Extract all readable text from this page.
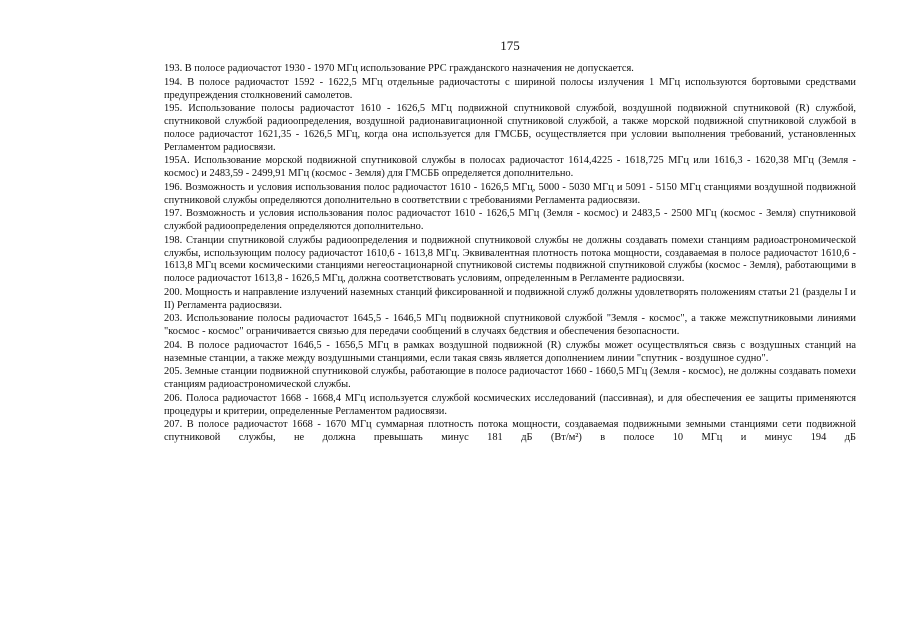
175

193. В полосе радиочастот 1930 - 1970 МГц использование РРС гражданского назначения не допускается.

194. В полосе радиочастот 1592 - 1622,5 МГц отдельные радиочастоты с шириной полосы излучения 1 МГц используются бортовыми средствами предупреждения столкновений самолетов.

195. Использование полосы радиочастот 1610 - 1626,5 МГц подвижной спутниковой службой, воздушной подвижной спутниковой (R) службой, спутниковой службой радиоопределения, воздушной радионавигационной спутниковой службой, а также морской подвижной спутниковой службой в полосе радиочастот 1621,35 - 1626,5 МГц, когда она используется для ГМСББ, осуществляется при условии выполнения требований, установленных Регламентом радиосвязи.

195А. Использование морской подвижной спутниковой службы в полосах радиочастот 1614,4225 - 1618,725 МГц или 1616,3 - 1620,38 МГц (Земля - космос) и 2483,59 - 2499,91 МГц (космос - Земля) для ГМСББ определяется дополнительно.

196. Возможность и условия использования полос радиочастот 1610 - 1626,5 МГц, 5000 - 5030 МГц и 5091 - 5150 МГц станциями воздушной подвижной спутниковой службы определяются дополнительно в соответствии с требованиями Регламента радиосвязи.

197. Возможность и условия использования полос радиочастот 1610 - 1626,5 МГц (Земля - космос) и 2483,5 - 2500 МГц (космос - Земля) спутниковой службой радиоопределения определяются дополнительно.

198. Станции спутниковой службы радиоопределения и подвижной спутниковой службы не должны создавать помехи станциям радиоастрономической службы, использующим полосу радиочастот 1610,6 - 1613,8 МГц. Эквивалентная плотность потока мощности, создаваемая в полосе радиочастот 1610,6 - 1613,8 МГц всеми космическими станциями негеостационарной спутниковой системы подвижной спутниковой службы (космос - Земля), работающими в полосе радиочастот 1613,8 - 1626,5 МГц, должна соответствовать условиям, определенным в Регламенте радиосвязи.

200. Мощность и направление излучений наземных станций фиксированной и подвижной служб должны удовлетворять положениям статьи 21 (разделы I и II) Регламента радиосвязи.

203. Использование полосы радиочастот 1645,5 - 1646,5 МГц подвижной спутниковой службой "Земля - космос", а также межспутниковыми линиями "космос - космос" ограничивается связью для передачи сообщений в случаях бедствия и обеспечения безопасности.

204. В полосе радиочастот 1646,5 - 1656,5 МГц в рамках воздушной подвижной (R) службы может осуществляться связь с воздушных станций на наземные станции, а также между воздушными станциями, если такая связь является дополнением линии "спутник - воздушное судно".

205. Земные станции подвижной спутниковой службы, работающие в полосе радиочастот 1660 - 1660,5 МГц (Земля - космос), не должны создавать помехи станциям радиоастрономической службы.

206. Полоса радиочастот 1668 - 1668,4 МГц используется службой космических исследований (пассивная), и для обеспечения ее защиты применяются процедуры и критерии, определенные Регламентом радиосвязи.

207. В полосе радиочастот 1668 - 1670 МГц суммарная плотность потока мощности, создаваемая подвижными земными станциями сети подвижной спутниковой службы, не должна превышать минус 181 дБ (Вт/м²) в полосе 10 МГц и минус 194 дБ
